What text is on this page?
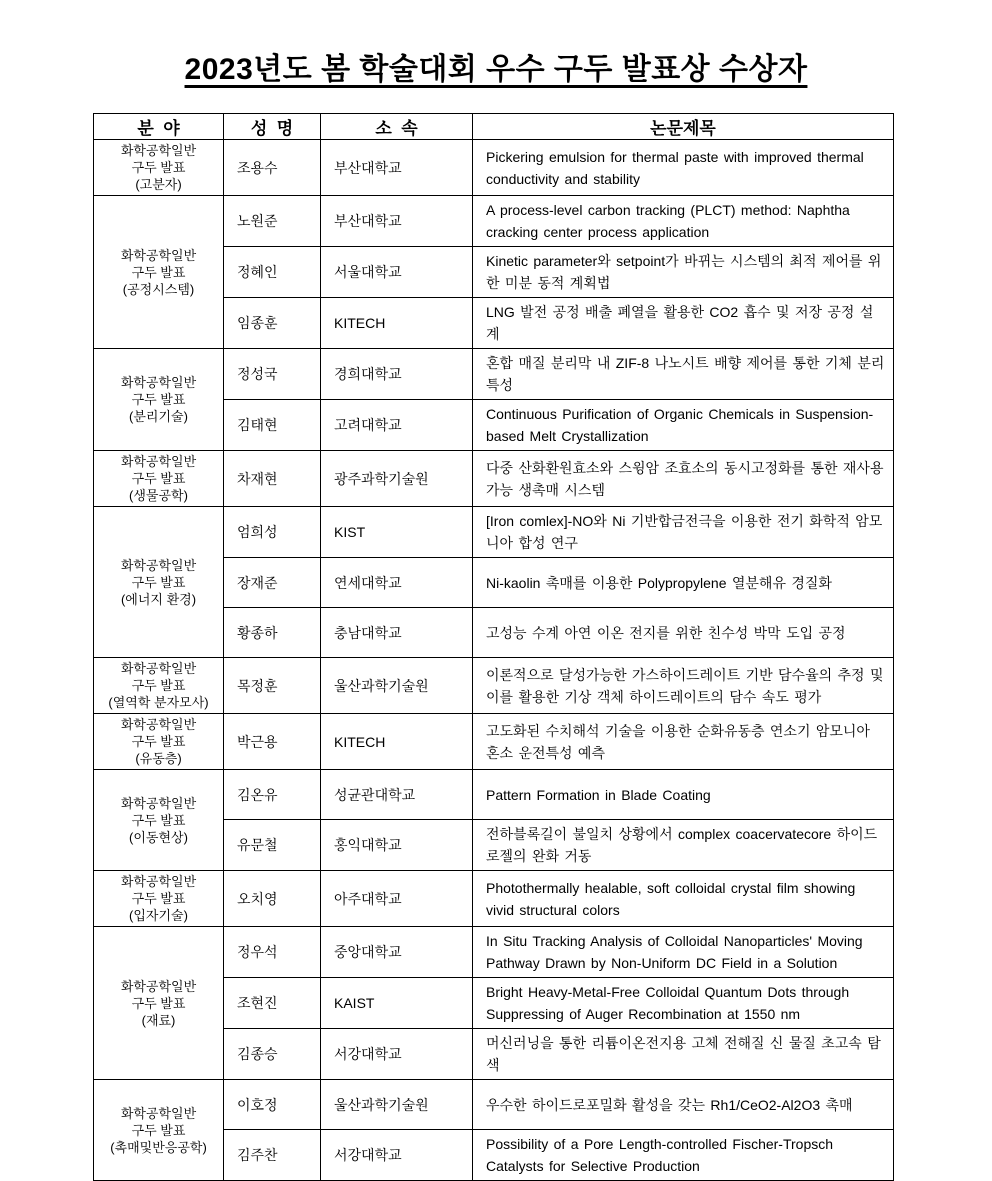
2023년도 봄 학술대회 우수 구두 발표상 수상자
분  야	성  명	소  속	논문제목

화학공학일반
구두 발표
(고분자)	조용수	부산대학교	Pickering emulsion for thermal paste with improved thermal conductivity and stability

화학공학일반
구두 발표
(공정시스템)	노원준	부산대학교	A process-level carbon tracking (PLCT) method: Naphtha cracking center process application
	정혜인	서울대학교	Kinetic parameter와 setpoint가 바뀌는 시스템의 최적 제어를 위한 미분 동적 계획법
	임종훈	KITECH	LNG 발전 공정 배출 폐열을 활용한 CO2 흡수 및 저장 공정 설계

화학공학일반
구두 발표
(분리기술)	정성국	경희대학교	혼합 매질 분리막 내 ZIF-8 나노시트 배향 제어를 통한 기체 분리 특성
	김태현	고려대학교	Continuous Purification of Organic Chemicals in Suspension-based Melt Crystallization

화학공학일반
구두 발표
(생물공학)	차재현	광주과학기술원	다중 산화환원효소와 스윙암 조효소의 동시고정화를 통한 재사용 가능 생촉매 시스템

화학공학일반
구두 발표
(에너지 환경)	엄희성	KIST	[Iron comlex]-NO와 Ni 기반합금전극을 이용한 전기 화학적 암모니아 합성 연구
	장재준	연세대학교	Ni-kaolin 촉매를 이용한 Polypropylene 열분해유 경질화
	황종하	충남대학교	고성능 수계 아연 이온 전지를 위한 친수성 박막 도입 공정

화학공학일반
구두 발표
(열역학 분자모사)	목정훈	울산과학기술원	이론적으로 달성가능한 가스하이드레이트 기반 담수율의 추정 및 이를 활용한 기상 객체 하이드레이트의 담수 속도 평가

화학공학일반
구두 발표
(유동층)	박근용	KITECH	고도화된 수치해석 기술을 이용한 순화유동층 연소기 암모니아 혼소 운전특성 예측

화학공학일반
구두 발표
(이동현상)	김온유	성균관대학교	Pattern Formation in Blade Coating
	유문철	홍익대학교	전하블록길이 불일치 상황에서 complex coacervatecore 하이드로젤의 완화 거동

화학공학일반
구두 발표
(입자기술)	오치영	아주대학교	Photothermally healable, soft colloidal crystal film showing vivid structural colors

화학공학일반
구두 발표
(재료)	정우석	중앙대학교	In Situ Tracking Analysis of Colloidal Nanoparticles' Moving Pathway Drawn by Non-Uniform DC Field in a Solution
	조현진	KAIST	Bright Heavy-Metal-Free Colloidal Quantum Dots through Suppressing of Auger Recombination at 1550 nm
	김종승	서강대학교	머신러닝을 통한 리튬이온전지용 고체 전해질 신 물질 초고속 탐색

화학공학일반
구두 발표
(촉매및반응공학)	이호정	울산과학기술원	우수한 하이드로포밀화 활성을 갖는 Rh1/CeO2-Al2O3 촉매
	김주찬	서강대학교	Possibility of a Pore Length-controlled Fischer-Tropsch Catalysts for Selective Production
